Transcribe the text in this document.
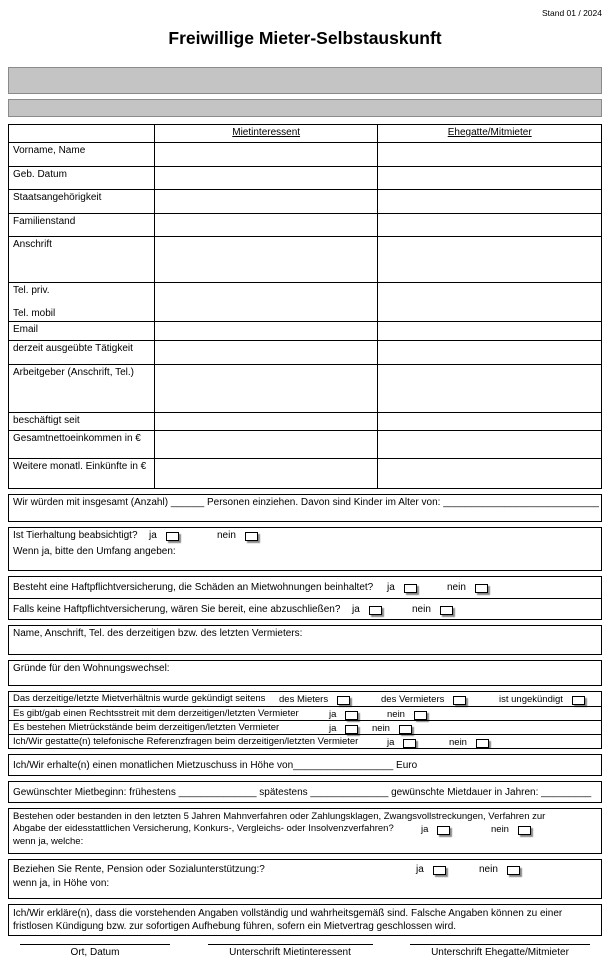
Stand 01 / 2024
Freiwillige Mieter-Selbstauskunft
	Mietinteressent	Ehegatte/Mitmieter
Vorname, Name		
Geb. Datum		
Staatsangehörigkeit		
Familienstand		
Anschrift		

Tel. priv.
Tel. mobil		

Email		
derzeit ausgeübte Tätigkeit		
Arbeitgeber (Anschrift, Tel.)		
beschäftigt seit		
Gesamtnettoeinkommen in €		
Weitere monatl. Einkünfte in €		
Wir würden mit insgesamt (Anzahl) ______ Personen einziehen. Davon sind Kinder im Alter von: ____________________________
Ist Tierhaltung beabsichtigt? ja	nein
Wenn ja, bitte den Umfang angeben:
Besteht eine Haftpflichtversicherung, die Schäden an Mietwohnungen beinhaltet? ja	nein
Falls keine Haftpflichtversicherung, wären Sie bereit, eine abzuschließen? ja	nein
Name, Anschrift, Tel. des derzeitigen bzw. des letzten Vermieters:
Gründe für den Wohnungswechsel:
Das derzeitige/letzte Mietverhältnis wurde gekündigt seitens des Mieters	des Vermieters	ist ungekündigt
Es gibt/gab einen Rechtsstreit mit dem derzeitigen/letzten Vermieter	ja	nein
Es bestehen Mietrückstände beim derzeitigen/letzten Vermieter	ja	nein
Ich/Wir gestatte(n) telefonische Referenzfragen beim derzeitigen/letzten Vermieter	ja	nein
Ich/Wir erhalte(n) einen monatlichen Mietzuschuss in Höhe von__________________ Euro
Gewünschter Mietbeginn: frühestens ______________ spätestens ______________ gewünschte Mietdauer in Jahren: _________
Bestehen oder bestanden in den letzten 5 Jahren Mahnverfahren oder Zahlungsklagen, Zwangsvollstreckungen, Verfahren zur
Abgabe der eidesstattlichen Versicherung, Konkurs-, Vergleichs- oder Insolvenzverfahren?	ja	nein
wenn ja, welche:
Beziehen Sie Rente, Pension oder Sozialunterstützung:?	ja	nein
wenn ja, in Höhe von:
Ich/Wir erkläre(n), dass die vorstehenden Angaben vollständig und wahrheitsgemäß sind. Falsche Angaben können zu einer fristlosen Kündigung bzw. zur sofortigen Aufhebung führen, sofern ein Mietvertrag geschlossen wird.
Ort, Datum	Unterschrift Mietinteressent	Unterschrift Ehegatte/Mitmieter
